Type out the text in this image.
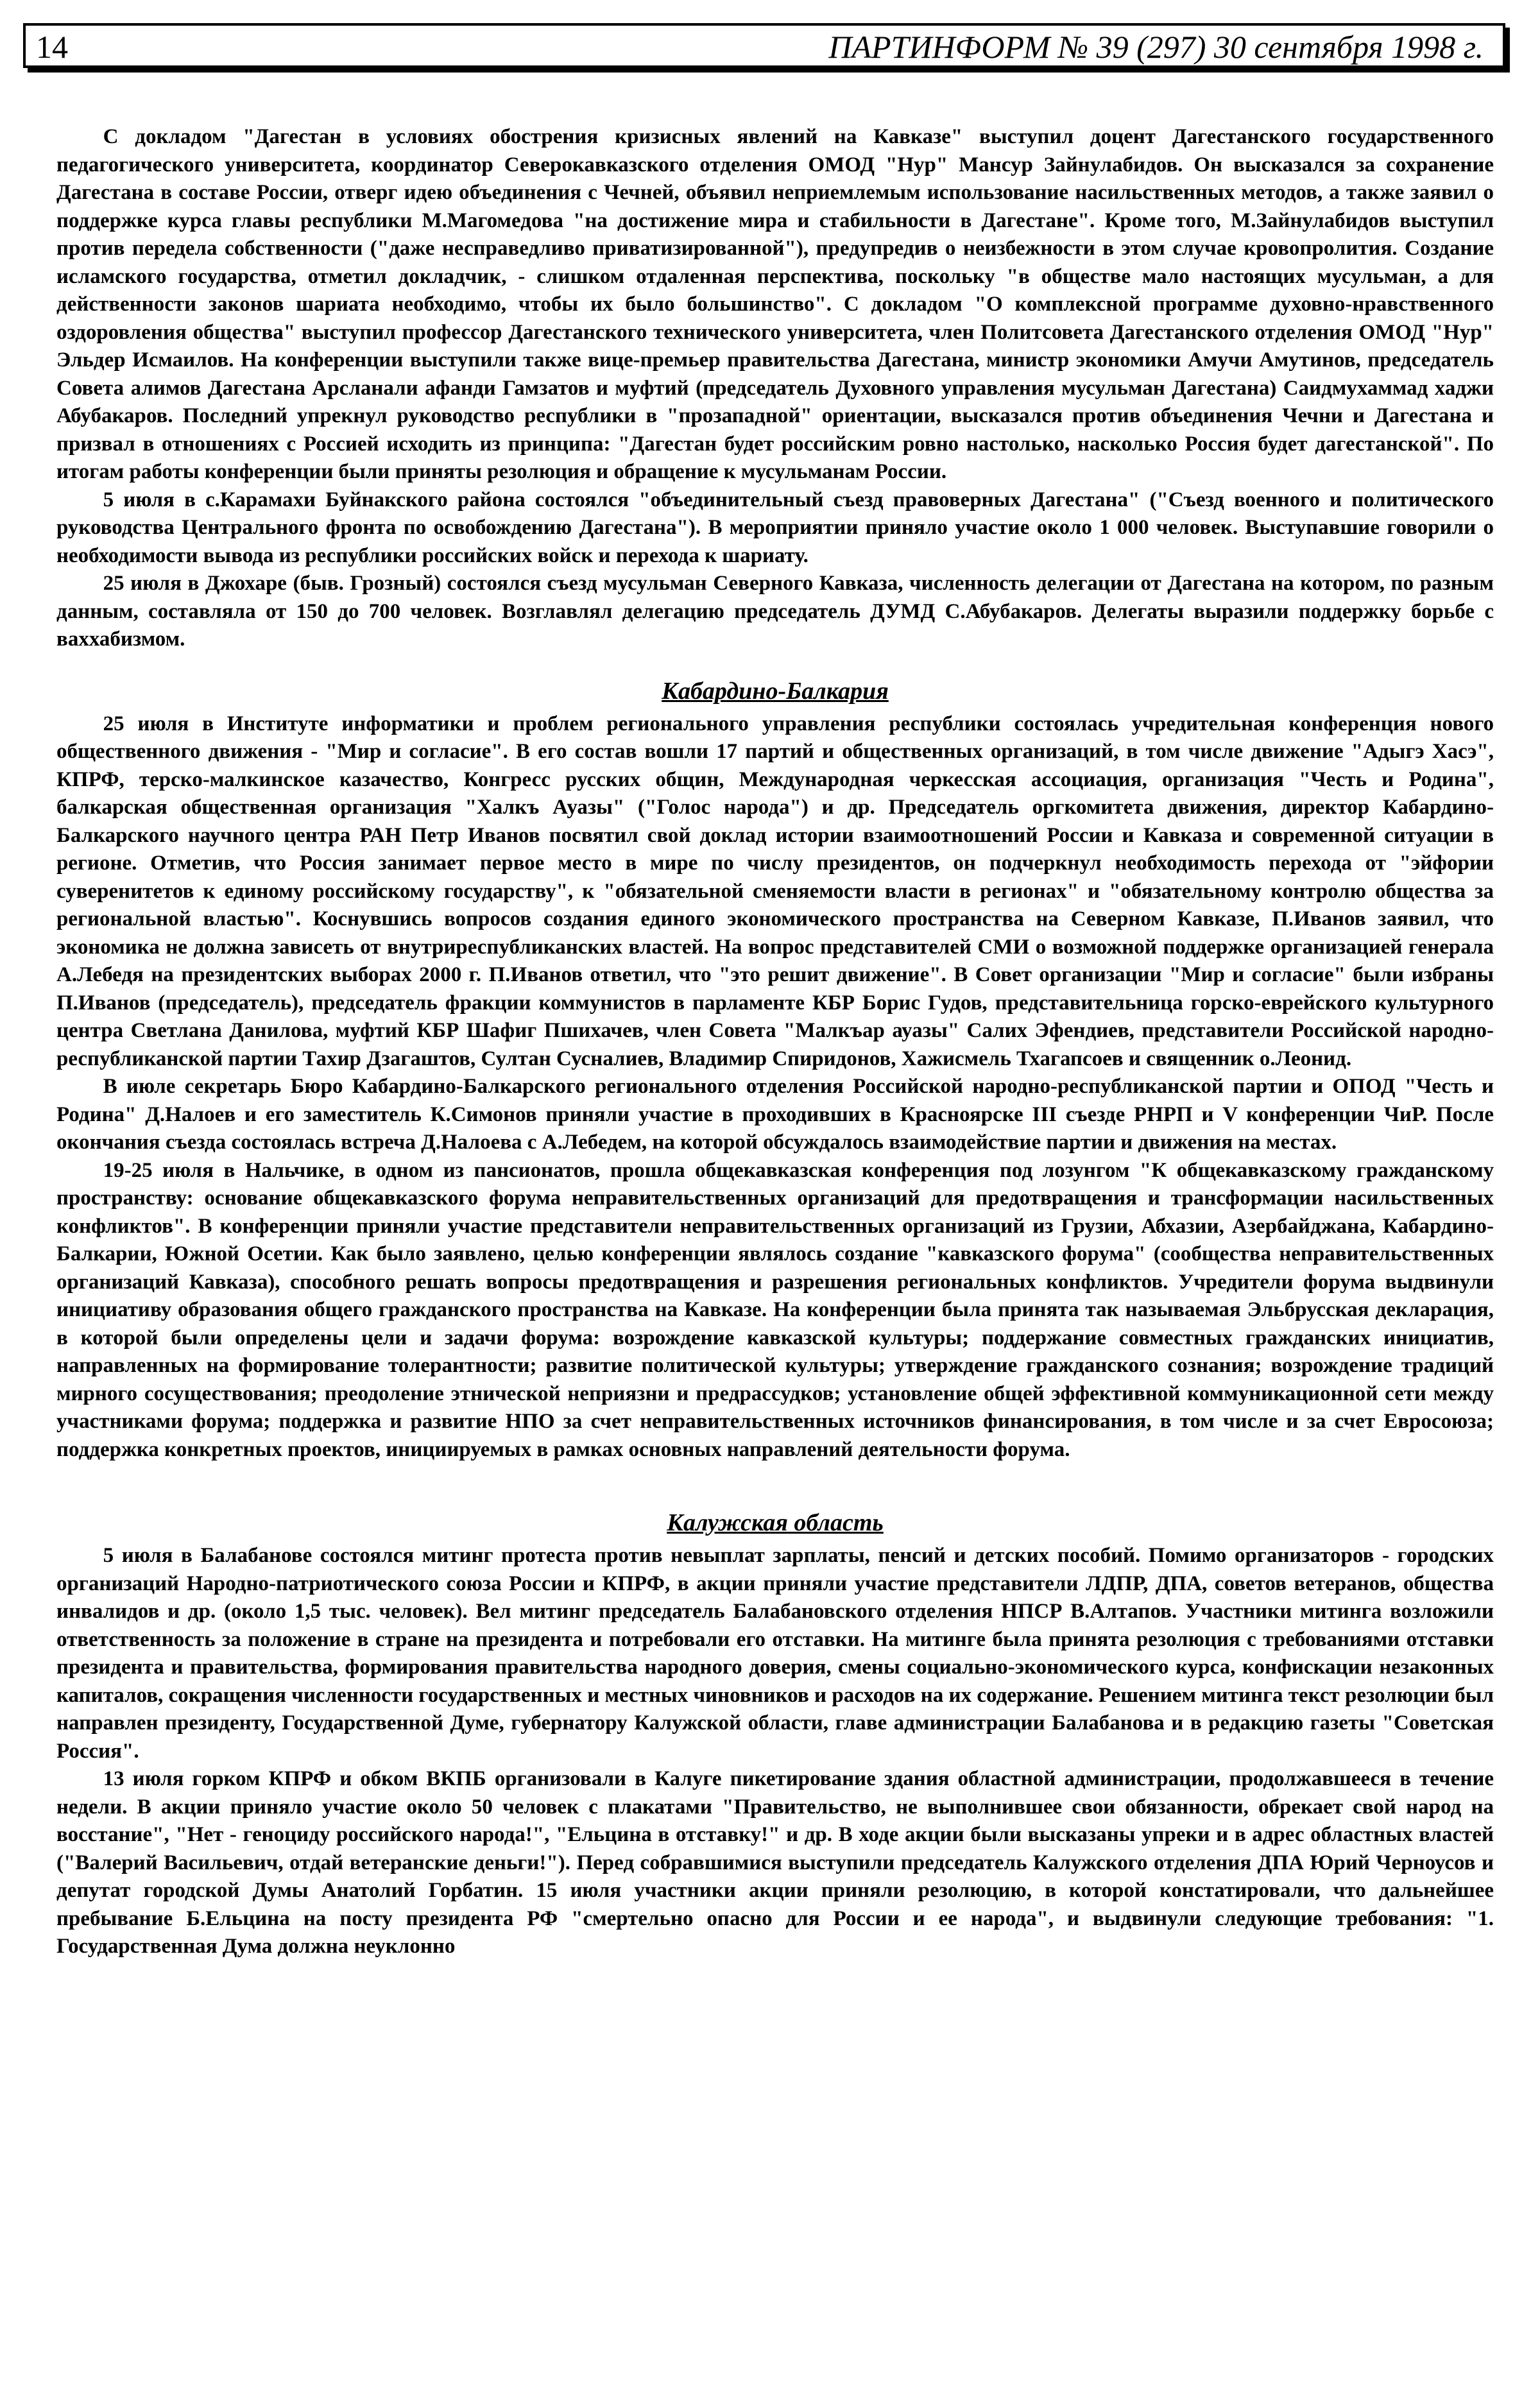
14	ПАРТИНФОРМ № 39 (297) 30 сентября 1998 г.

С докладом "Дагестан в условиях обострения кризисных явлений на Кавказе" выступил доцент Дагестанского государственного педагогического университета, координатор Северокавказского отделения ОМОД "Нур" Мансур Зайнулабидов. Он высказался за сохранение Дагестана в составе России, отверг идею объединения с Чечней, объявил неприемлемым использование насильственных методов, а также заявил о поддержке курса главы республики М.Магомедова "на достижение мира и стабильности в Дагестане". Кроме того, М.Зайнулабидов выступил против передела собственности ("даже несправедливо приватизированной"), предупредив о неизбежности в этом случае кровопролития. Создание исламского государства, отметил докладчик, - слишком отдаленная перспектива, поскольку "в обществе мало настоящих мусульман, а для действенности законов шариата необходимо, чтобы их было большинство". С докладом "О комплексной программе духовно-нравственного оздоровления общества" выступил профессор Дагестанского технического университета, член Политсовета Дагестанского отделения ОМОД "Нур" Эльдер Исмаилов. На конференции выступили также вице-премьер правительства Дагестана, министр экономики Амучи Амутинов, председатель Совета алимов Дагестана Арсланали афанди Гамзатов и муфтий (председатель Духовного управления мусульман Дагестана) Саидмухаммад хаджи Абубакаров. Последний упрекнул руководство республики в "прозападной" ориентации, высказался против объединения Чечни и Дагестана и призвал в отношениях с Россией исходить из принципа: "Дагестан будет российским ровно настолько, насколько Россия будет дагестанской". По итогам работы конференции были приняты резолюция и обращение к мусульманам России.

5 июля в с.Карамахи Буйнакского района состоялся "объединительный съезд правоверных Дагестана" ("Съезд военного и политического руководства Центрального фронта по освобождению Дагестана"). В мероприятии приняло участие около 1 000 человек. Выступавшие говорили о необходимости вывода из республики российских войск и перехода к шариату.

25 июля в Джохаре (быв. Грозный) состоялся съезд мусульман Северного Кавказа, численность делегации от Дагестана на котором, по разным данным, составляла от 150 до 700 человек. Возглавлял делегацию председатель ДУМД С.Абубакаров. Делегаты выразили поддержку борьбе с ваххабизмом.

Кабардино-Балкария

25 июля в Институте информатики и проблем регионального управления республики состоялась учредительная конференция нового общественного движения - "Мир и согласие". В его состав вошли 17 партий и общественных организаций, в том числе движение "Адыгэ Хасэ", КПРФ, терско-малкинское казачество, Конгресс русских общин, Международная черкесская ассоциация, организация "Честь и Родина", балкарская общественная организация "Халкъ Ауазы" ("Голос народа") и др. Председатель оргкомитета движения, директор Кабардино-Балкарского научного центра РАН Петр Иванов посвятил свой доклад истории взаимоотношений России и Кавказа и современной ситуации в регионе. Отметив, что Россия занимает первое место в мире по числу президентов, он подчеркнул необходимость перехода от "эйфории суверенитетов к единому российскому государству", к "обязательной сменяемости власти в регионах" и "обязательному контролю общества за региональной властью". Коснувшись вопросов создания единого экономического пространства на Северном Кавказе, П.Иванов заявил, что экономика не должна зависеть от внутриреспубликанских властей. На вопрос представителей СМИ о возможной поддержке организацией генерала А.Лебедя на президентских выборах 2000 г. П.Иванов ответил, что "это решит движение". В Совет организации "Мир и согласие" были избраны П.Иванов (председатель), председатель фракции коммунистов в парламенте КБР Борис Гудов, представительница горско-еврейского культурного центра Светлана Данилова, муфтий КБР Шафиг Пшихачев, член Совета "Малкъар ауазы" Салих Эфендиев, представители Российской народно-республиканской партии Тахир Дзагаштов, Султан Сусналиев, Владимир Спиридонов, Хажисмель Тхагапсоев и священник о.Леонид.

В июле секретарь Бюро Кабардино-Балкарского регионального отделения Российской народно-республиканской партии и ОПОД "Честь и Родина" Д.Налоев и его заместитель К.Симонов приняли участие в проходивших в Красноярске III съезде РНРП и V конференции ЧиР. После окончания съезда состоялась встреча Д.Налоева с А.Лебедем, на которой обсуждалось взаимодействие партии и движения на местах.

19-25 июля в Нальчике, в одном из пансионатов, прошла общекавказская конференция под лозунгом "К общекавказскому гражданскому пространству: основание общекавказского форума неправительственных организаций для предотвращения и трансформации насильственных конфликтов". В конференции приняли участие представители неправительственных организаций из Грузии, Абхазии, Азербайджана, Кабардино-Балкарии, Южной Осетии. Как было заявлено, целью конференции являлось создание "кавказского форума" (сообщества неправительственных организаций Кавказа), способного решать вопросы предотвращения и разрешения региональных конфликтов. Учредители форума выдвинули инициативу образования общего гражданского пространства на Кавказе. На конференции была принята так называемая Эльбрусская декларация, в которой были определены цели и задачи форума: возрождение кавказской культуры; поддержание совместных гражданских инициатив, направленных на формирование толерантности; развитие политической культуры; утверждение гражданского сознания; возрождение традиций мирного сосуществования; преодоление этнической неприязни и предрассудков; установление общей эффективной коммуникационной сети между участниками форума; поддержка и развитие НПО за счет неправительственных источников финансирования, в том числе и за счет Евросоюза; поддержка конкретных проектов, инициируемых в рамках основных направлений деятельности форума.

Калужская область

5 июля в Балабанове состоялся митинг протеста против невыплат зарплаты, пенсий и детских пособий. Помимо организаторов - городских организаций Народно-патриотического союза России и КПРФ, в акции приняли участие представители ЛДПР, ДПА, советов ветеранов, общества инвалидов и др. (около 1,5 тыс. человек). Вел митинг председатель Балабановского отделения НПСР В.Алтапов. Участники митинга возложили ответственность за положение в стране на президента и потребовали его отставки. На митинге была принята резолюция с требованиями отставки президента и правительства, формирования правительства народного доверия, смены социально-экономического курса, конфискации незаконных капиталов, сокращения численности государственных и местных чиновников и расходов на их содержание. Решением митинга текст резолюции был направлен президенту, Государственной Думе, губернатору Калужской области, главе администрации Балабанова и в редакцию газеты "Советская Россия".

13 июля горком КПРФ и обком ВКПБ организовали в Калуге пикетирование здания областной администрации, продолжавшееся в течение недели. В акции приняло участие около 50 человек с плакатами "Правительство, не выполнившее свои обязанности, обрекает свой народ на восстание", "Нет - геноциду российского народа!", "Ельцина в отставку!" и др. В ходе акции были высказаны упреки и в адрес областных властей ("Валерий Васильевич, отдай ветеранские деньги!"). Перед собравшимися выступили председатель Калужского отделения ДПА Юрий Черноусов и депутат городской Думы Анатолий Горбатин. 15 июля участники акции приняли резолюцию, в которой констатировали, что дальнейшее пребывание Б.Ельцина на посту президента РФ "смертельно опасно для России и ее народа", и выдвинули следующие требования: "1. Государственная Дума должна неуклонно
